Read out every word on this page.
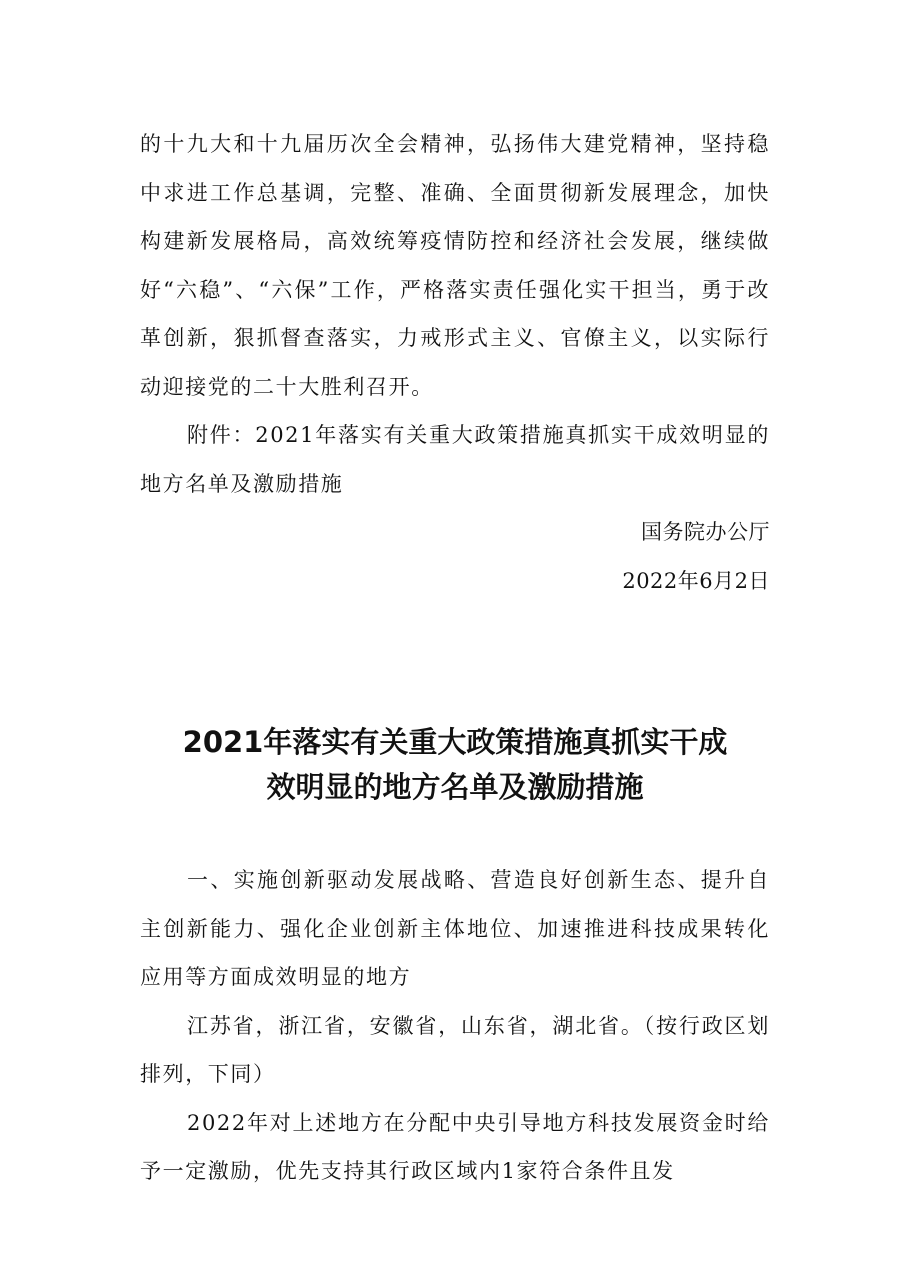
的十九大和十九届历次全会精神，弘扬伟大建党精神，坚持稳中求进工作总基调，完整、准确、全面贯彻新发展理念，加快构建新发展格局，高效统筹疫情防控和经济社会发展，继续做好“六稳”、“六保”工作，严格落实责任强化实干担当，勇于改革创新，狠抓督查落实，力戒形式主义、官僚主义，以实际行动迎接党的二十大胜利召开。

附件：2021年落实有关重大政策措施真抓实干成效明显的地方名单及激励措施

国务院办公厅

2022年6月2日

2021年落实有关重大政策措施真抓实干成
效明显的地方名单及激励措施

一、实施创新驱动发展战略、营造良好创新生态、提升自主创新能力、强化企业创新主体地位、加速推进科技成果转化应用等方面成效明显的地方

江苏省，浙江省，安徽省，山东省，湖北省。（按行政区划排列，下同）

2022年对上述地方在分配中央引导地方科技发展资金时给予一定激励，优先支持其行政区域内1家符合条件且发
